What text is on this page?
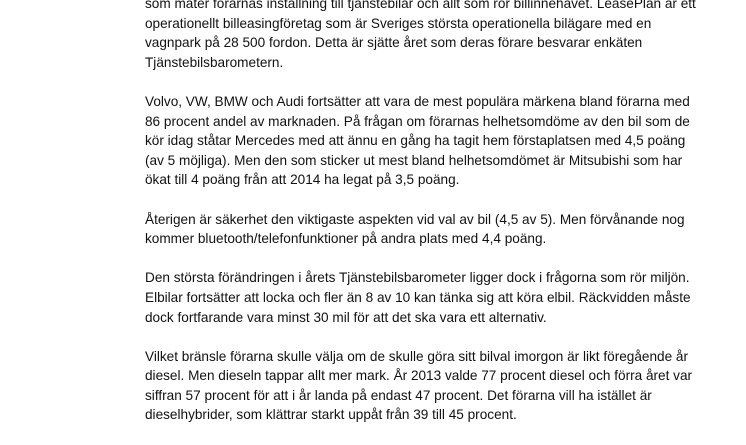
som mäter förarnas inställning till tjänstebilar och allt som rör billinnehavet. LeasePlan är ett
operationellt billeasingföretag som är Sveriges största operationella bilägare med en
vagnpark på 28 500 fordon. Detta är sjätte året som deras förare besvarar enkäten
Tjänstebilsbarometern.

Volvo, VW, BMW och Audi fortsätter att vara de mest populära märkena bland förarna med
86 procent andel av marknaden. På frågan om förarnas helhetsomdöme av den bil som de
kör idag ståtar Mercedes med att ännu en gång ha tagit hem förstaplatsen med 4,5 poäng
(av 5 möjliga). Men den som sticker ut mest bland helhetsomdömet är Mitsubishi som har
ökat till 4 poäng från att 2014 ha legat på 3,5 poäng.

Återigen är säkerhet den viktigaste aspekten vid val av bil (4,5 av 5). Men förvånande nog
kommer bluetooth/telefonfunktioner på andra plats med 4,4 poäng.

Den största förändringen i årets Tjänstebilsbarometer ligger dock i frågorna som rör miljön.
Elbilar fortsätter att locka och fler än 8 av 10 kan tänka sig att köra elbil. Räckvidden måste
dock fortfarande vara minst 30 mil för att det ska vara ett alternativ.

Vilket bränsle förarna skulle välja om de skulle göra sitt bilval imorgon är likt föregående år
diesel. Men dieseln tappar allt mer mark. År 2013 valde 77 procent diesel och förra året var
siffran 57 procent för att i år landa på endast 47 procent. Det förarna vill ha istället är
dieselhybrider, som klättrar starkt uppåt från 39 till 45 procent.
